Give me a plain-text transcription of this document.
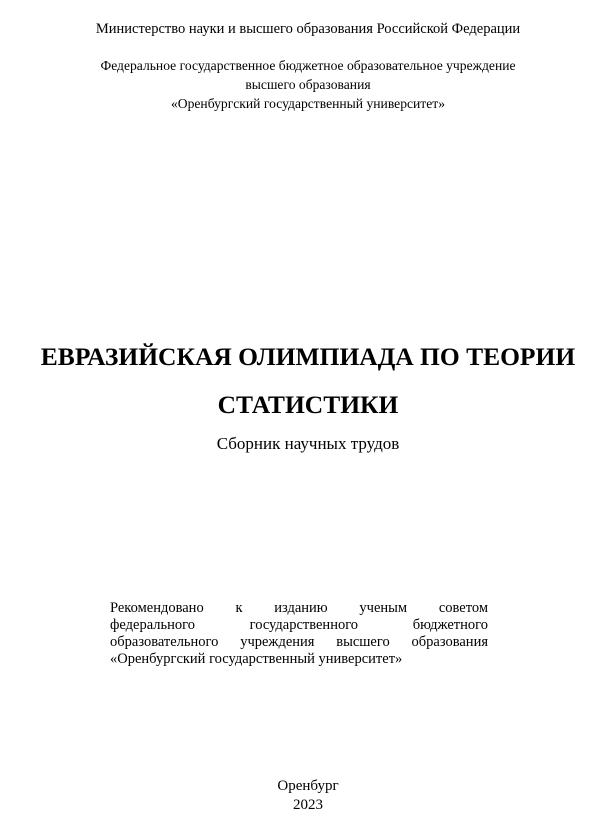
Министерство науки и высшего образования Российской Федерации
Федеральное государственное бюджетное образовательное учреждение
высшего образования
«Оренбургский государственный университет»
ЕВРАЗИЙСКАЯ ОЛИМПИАДА ПО ТЕОРИИ
СТАТИСТИКИ
Сборник научных трудов
Рекомендовано к изданию ученым советом
федерального государственного бюджетного
образовательного учреждения высшего образования
«Оренбургский государственный университет»
Оренбург
2023
